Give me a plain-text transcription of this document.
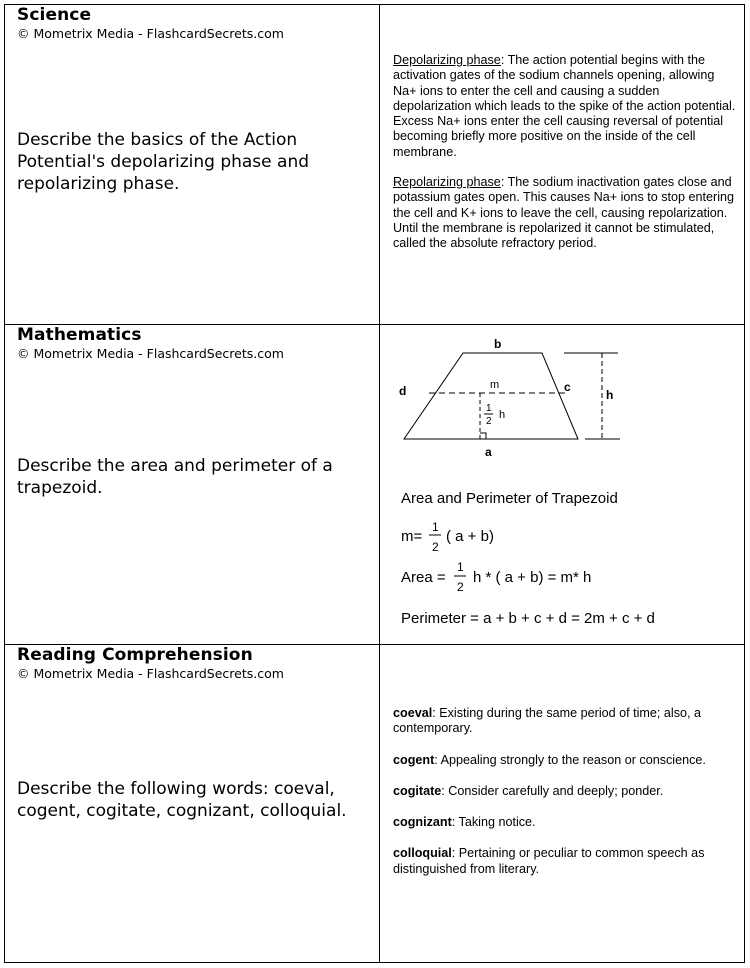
Science
© Mometrix Media - FlashcardSecrets.com
Describe the basics of the Action Potential's depolarizing phase and repolarizing phase.

Depolarizing phase: The action potential begins with the activation gates of the sodium channels opening, allowing Na+ ions to enter the cell and causing a sudden depolarization which leads to the spike of the action potential. Excess Na+ ions enter the cell causing reversal of potential becoming briefly more positive on the inside of the cell membrane.

Repolarizing phase: The sodium inactivation gates close and potassium gates open. This causes Na+ ions to stop entering the cell and K+ ions to leave the cell, causing repolarization. Until the membrane is repolarized it cannot be stimulated, called the absolute refractory period.

Mathematics
© Mometrix Media - FlashcardSecrets.com
Describe the area and perimeter of a trapezoid.
b
a
c
d	m
h
1
2
h
Area and Perimeter of Trapezoid
m=
1
2
( a + b)
Area =
1
2
h * ( a + b) = m* h
Perimeter = a + b + c + d = 2m + c + d
Reading Comprehension
© Mometrix Media - FlashcardSecrets.com
Describe the following words: coeval, cogent, cogitate, cognizant, colloquial.
coeval: Existing during the same period of time; also, a contemporary.
cogent: Appealing strongly to the reason or conscience.
cogitate: Consider carefully and deeply; ponder.
cognizant: Taking notice.
colloquial: Pertaining or peculiar to common speech as distinguished from literary.
